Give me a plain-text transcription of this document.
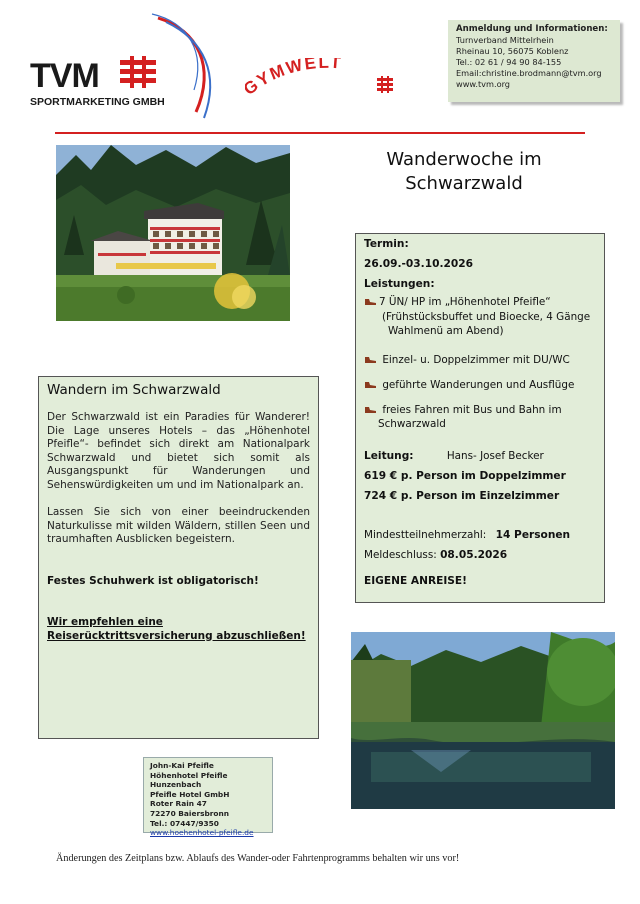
TVM
SPORTMARKETING GMBH
YMWELT
Anmeldung und Informationen:
Turnverband Mittelrhein
Rheinau 10, 56075 Koblenz
Tel.: 02 61 / 94 90 84-155
Email:christine.brodmann@tvm.org
www.tvm.org
Wanderwoche im
Schwarzwald
Termin:
26.09.-03.10.2026
Leistungen:
7 ÜN/ HP im „Höhenhotel Pfeifle“
(Frühstücksbuffet und Bioecke, 4 Gänge
Wahlmenü am Abend)
Einzel- u. Doppelzimmer mit DU/WC
geführte Wanderungen und Ausflüge
freies Fahren mit Bus und Bahn im
Schwarzwald
Leitung:	Hans- Josef Becker
619 € p. Person im Doppelzimmer
724 € p. Person im Einzelzimmer
Mindestteilnehmerzahl: 14 Personen
Meldeschluss: 08.05.2026
EIGENE ANREISE!
Wandern im Schwarzwald
Der Schwarzwald ist ein Paradies für Wanderer! Die Lage unseres Hotels – das „Höhenhotel Pfeifle“- befindet sich direkt am Nationalpark Schwarzwald und bietet sich somit als Ausgangspunkt für Wanderungen und Sehenswürdigkeiten um und im Nationalpark an.
Lassen Sie sich von einer beeindruckenden Naturkulisse mit wilden Wäldern, stillen Seen und traumhaften Ausblicken begeistern.
Festes Schuhwerk ist obligatorisch!
Wir empfehlen eine Reiserücktrittsversicherung abzuschließen!
John-Kai Pfeifle
Höhenhotel Pfeifle Hunzenbach
Pfeifle Hotel GmbH
Roter Rain 47
72270 Baiersbronn
Tel.: 07447/9350
www.hoehenhotel-pfeifle.de
Änderungen des Zeitplans bzw. Ablaufs des Wander-oder Fahrtenprogramms behalten wir uns vor!
